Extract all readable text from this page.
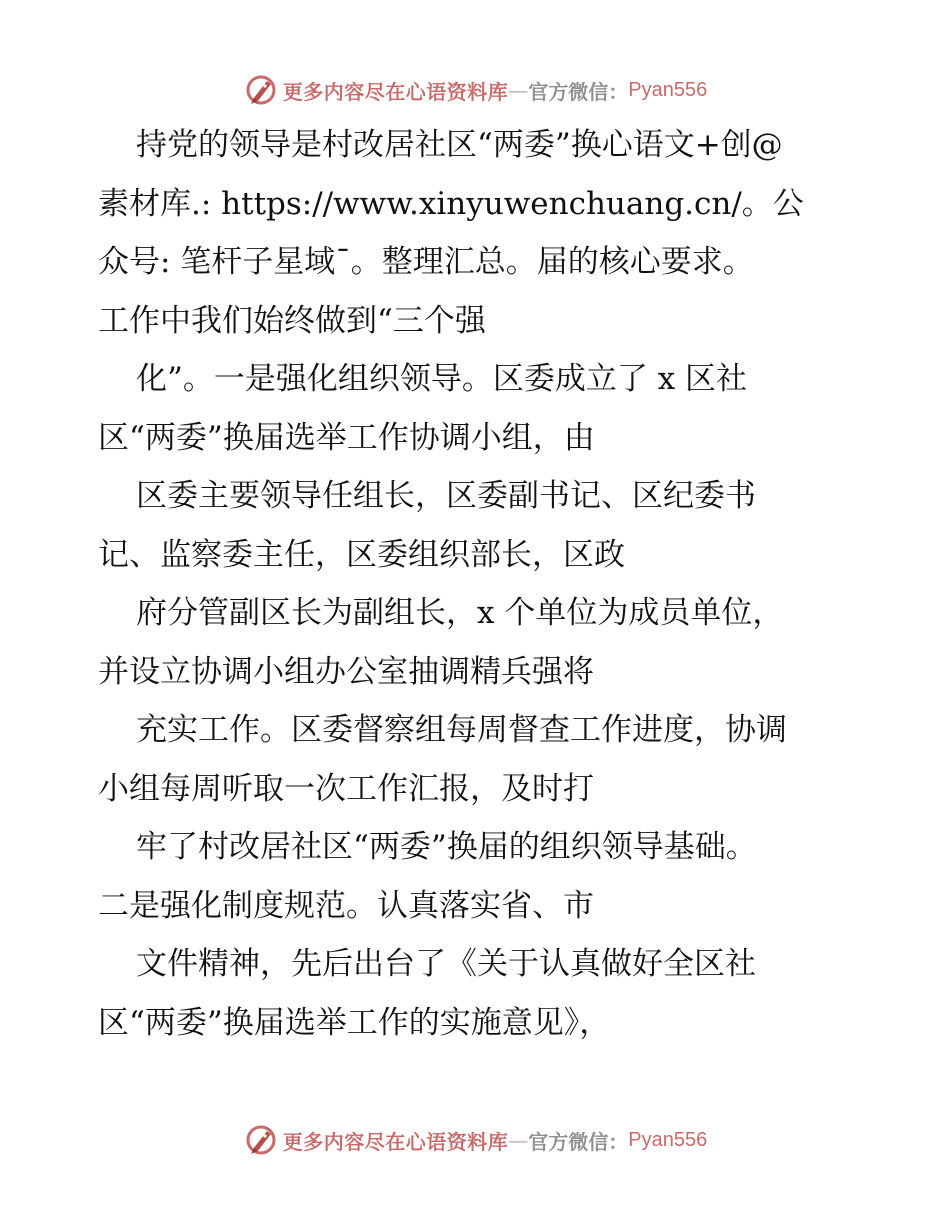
更多内容尽在心语资料库 — 官方微信： Pyan556
持党的领导是村改居社区“两委”换心语文+创@
素材库.: https://www.xinyuwenchuang.cn/。公
众号: 笔杆子星域¯。整理汇总。届的核心要求。
工作中我们始终做到“三个强
化”。一是强化组织领导。区委成立了 x 区社
区“两委”换届选举工作协调小组，由
区委主要领导任组长，区委副书记、区纪委书
记、监察委主任，区委组织部长，区政
府分管副区长为副组长，x 个单位为成员单位，
并设立协调小组办公室抽调精兵强将
充实工作。区委督察组每周督查工作进度，协调
小组每周听取一次工作汇报，及时打
牢了村改居社区“两委”换届的组织领导基础。
二是强化制度规范。认真落实省、市
文件精神，先后出台了《关于认真做好全区社
区“两委”换届选举工作的实施意见》，
更多内容尽在心语资料库 — 官方微信： Pyan556
